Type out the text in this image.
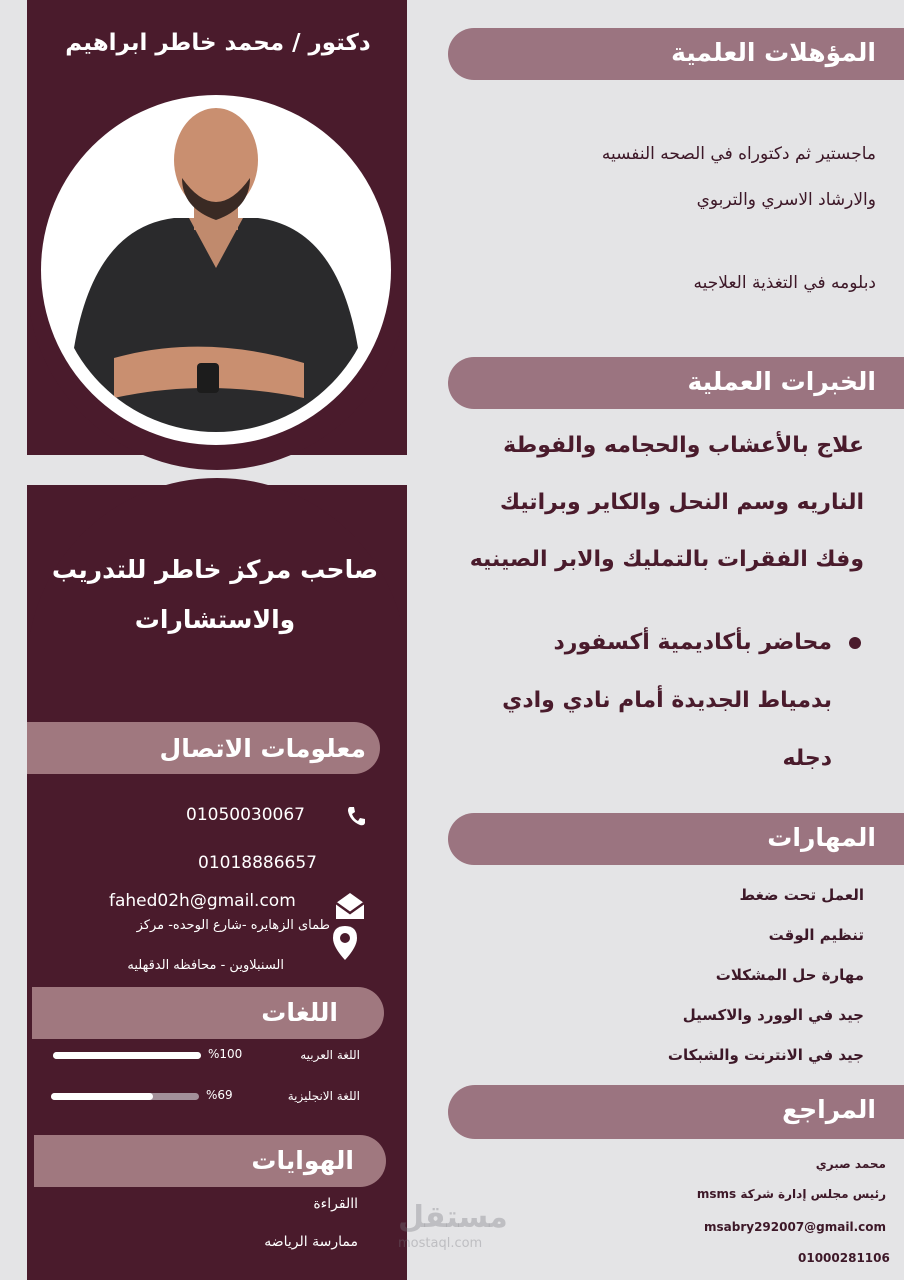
دكتور / محمد خاطر ابراهيم
صاحب مركز خاطر للتدريب
والاستشارات
معلومات الاتصال
01050030067
01018886657
fahed02h@gmail.com
طماى الزهايره -شارع الوحده- مركز
السنبلاوين - محافظه الدقهليه
اللغات
اللغة العربيه
%100
اللغة الانجليزية
%69
الهوايات
االقراءة
ممارسة الرياضه
المؤهلات العلمية
ماجستير ثم دكتوراه في الصحه النفسيه
والارشاد الاسري والتربوي
دبلومه في التغذية العلاجيه
الخبرات العملية
علاج بالأعشاب والحجامه والفوطة
الناريه وسم النحل والكاير وبراتيك
وفك الفقرات بالتمليك والابر الصينيه
محاضر بأكاديمية أكسفورد
بدمياط الجديدة أمام نادي وادي
دجله
المهارات
العمل تحت ضغط
تنظيم الوقت
مهارة حل المشكلات
جيد في الوورد والاكسيل
جيد في الانترنت والشبكات
المراجع
محمد صبري
رئيس مجلس إدارة شركة msms
msabry292007@gmail.com
01000281106
مستقل
mostaql.com
